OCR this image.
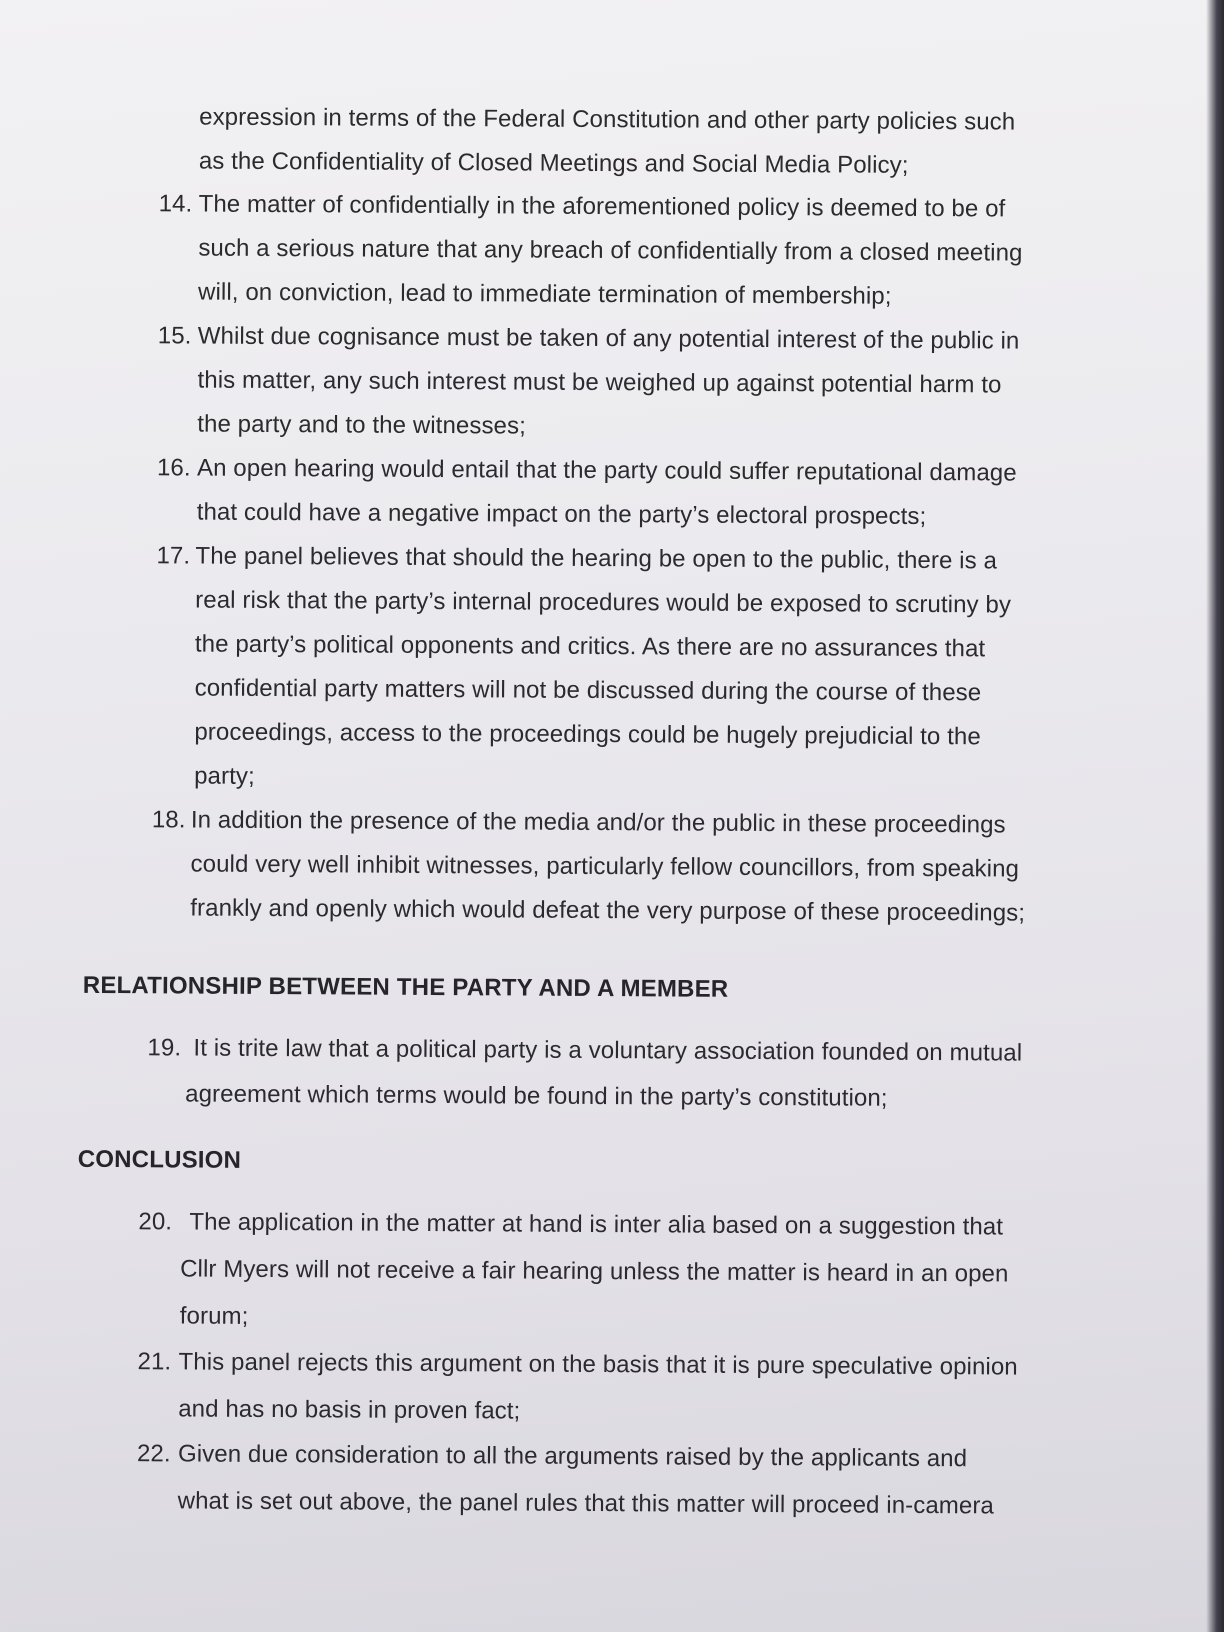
​
expression in terms of the Federal Constitution and other party policies such
as the Confidentiality of Closed Meetings and Social Media Policy;
14. The matter of confidentially in the aforementioned policy is deemed to be of
such a serious nature that any breach of confidentially from a closed meeting
will, on conviction, lead to immediate termination of membership;
15. Whilst due cognisance must be taken of any potential interest of the public in
this matter, any such interest must be weighed up against potential harm to
the party and to the witnesses;
16. An open hearing would entail that the party could suffer reputational damage
that could have a negative impact on the party’s electoral prospects;
17. The panel believes that should the hearing be open to the public, there is a
real risk that the party’s internal procedures would be exposed to scrutiny by
the party’s political opponents and critics. As there are no assurances that
confidential party matters will not be discussed during the course of these
proceedings, access to the proceedings could be hugely prejudicial to the
party;
18. In addition the presence of the media and/or the public in these proceedings
could very well inhibit witnesses, particularly fellow councillors, from speaking
frankly and openly which would defeat the very purpose of these proceedings;
RELATIONSHIP BETWEEN THE PARTY AND A MEMBER
19. It is trite law that a political party is a voluntary association founded on mutual
agreement which terms would be found in the party’s constitution;
CONCLUSION
20. The application in the matter at hand is inter alia based on a suggestion that
Cllr Myers will not receive a fair hearing unless the matter is heard in an open
forum;
21. This panel rejects this argument on the basis that it is pure speculative opinion
and has no basis in proven fact;
22. Given due consideration to all the arguments raised by the applicants and
what is set out above, the panel rules that this matter will proceed in-camera
